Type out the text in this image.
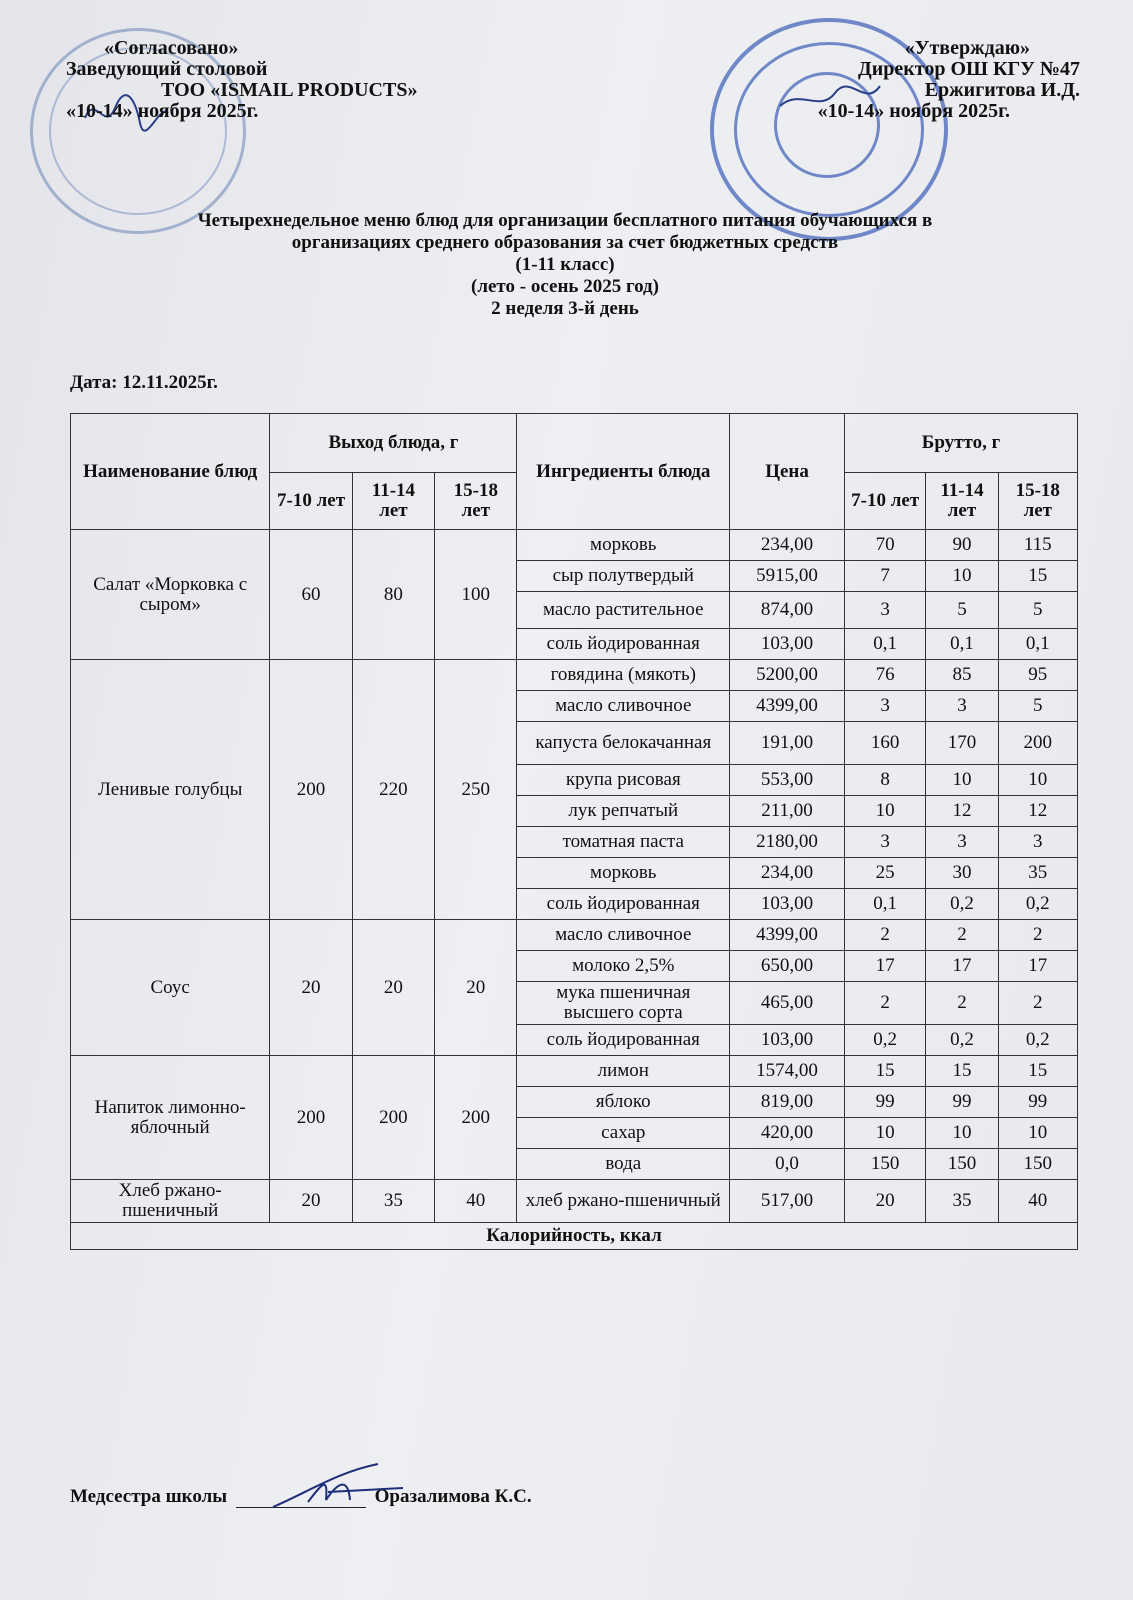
«Согласовано»
Заведующий столовой
ТОО «ISMAIL PRODUCTS»
«10-14» ноября 2025г.
«Утверждаю»
Директор ОШ КГУ №47
Ержигитова И.Д.
«10-14» ноября 2025г.
Четырехнедельное меню блюд для организации бесплатного питания обучающихся в
организациях среднего образования за счет бюджетных средств
(1-11 класс)
(лето - осень 2025 год)
2 неделя 3-й день
Дата: 12.11.2025г.
Наименование блюд	Выход блюда, г			Ингредиенты блюда	Цена	Брутто, г		
	7-10 лет	11-14 лет	15-18 лет			7-10 лет	11-14 лет	15-18 лет
Салат «Морковка с сыром»	60	80	100	морковь	234,00	70	90	115
				сыр полутвердый	5915,00	7	10	15
				масло растительное	874,00	3	5	5
				соль йодированная	103,00	0,1	0,1	0,1
Ленивые голубцы	200	220	250	говядина (мякоть)	5200,00	76	85	95
				масло сливочное	4399,00	3	3	5
				капуста белокачанная	191,00	160	170	200
				крупа рисовая	553,00	8	10	10
				лук репчатый	211,00	10	12	12
				томатная паста	2180,00	3	3	3
				морковь	234,00	25	30	35
				соль йодированная	103,00	0,1	0,2	0,2
Соус	20	20	20	масло сливочное	4399,00	2	2	2
				молоко 2,5%	650,00	17	17	17
				мука пшеничная высшего сорта	465,00	2	2	2
				соль йодированная	103,00	0,2	0,2	0,2
Напиток лимонно-яблочный	200	200	200	лимон	1574,00	15	15	15
				яблоко	819,00	99	99	99
				сахар	420,00	10	10	10
				вода	0,0	150	150	150
Хлеб ржано-пшеничный	20	35	40	хлеб ржано-пшеничный	517,00	20	35	40
Калорийность, ккал								
Медсестра школы	Оразалимова К.С.
